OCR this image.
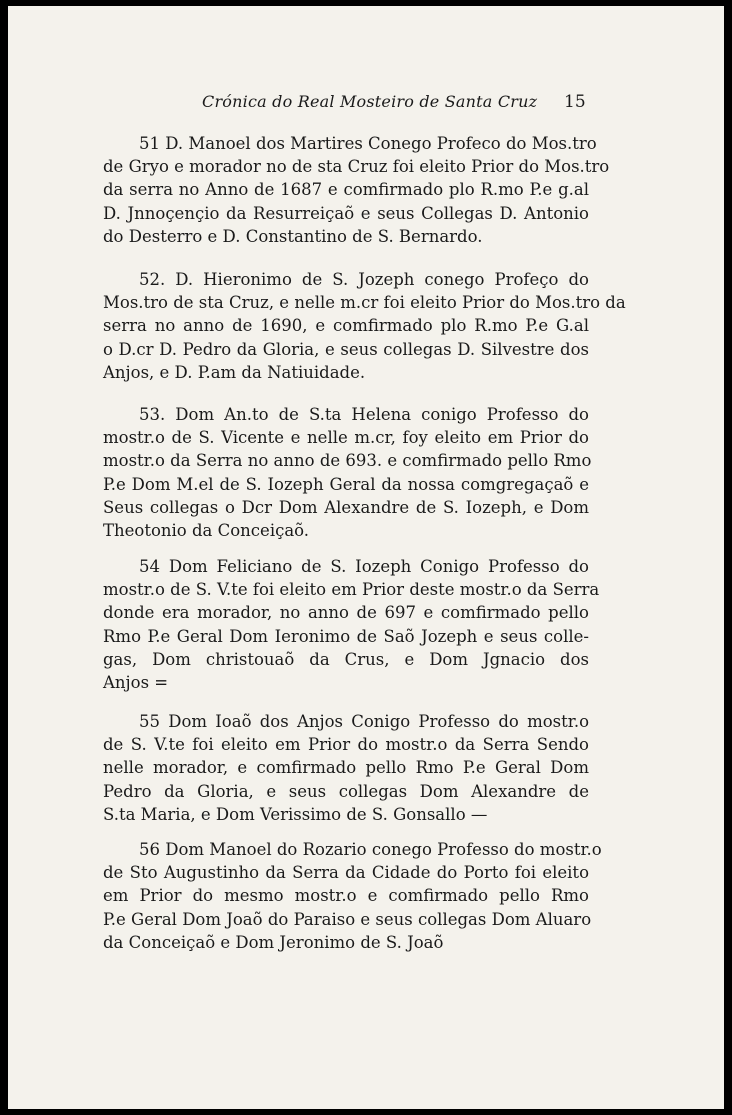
Crónica do Real Mosteiro de Santa Cruz 15

51 D. Manoel dos Martires Conego Profeco do Mos.tro
de Gryo e morador no de sta Cruz foi eleito Prior do Mos.tro
da serra no Anno de 1687 e comfirmado plo R.mo P.e g.al
D. Jnnoçençio da Resurreiçaõ e seus Collegas D. Antonio
do Desterro e D. Constantino de S. Bernardo.

52. D. Hieronimo de S. Jozeph conego Profeço do
Mos.tro de sta Cruz, e nelle m.cr foi eleito Prior do Mos.tro da
serra no anno de 1690, e comfirmado plo R.mo P.e G.al
o D.cr D. Pedro da Gloria, e seus collegas D. Silvestre dos
Anjos, e D. P.am da Natiuidade.

53. Dom An.to de S.ta Helena conigo Professo do
mostr.o de S. Vicente e nelle m.cr, foy eleito em Prior do
mostr.o da Serra no anno de 693. e comfirmado pello Rmo
P.e Dom M.el de S. Iozeph Geral da nossa comgregaçaõ e
Seus collegas o Dcr Dom Alexandre de S. Iozeph, e Dom
Theotonio da Conceiçaõ.

54 Dom Feliciano de S. Iozeph Conigo Professo do
mostr.o de S. V.te foi eleito em Prior deste mostr.o da Serra
donde era morador, no anno de 697 e comfirmado pello
Rmo P.e Geral Dom Ieronimo de Saõ Jozeph e seus colle-
gas, Dom christouaõ da Crus, e Dom Jgnacio dos
Anjos =

55 Dom Ioaõ dos Anjos Conigo Professo do mostr.o
de S. V.te foi eleito em Prior do mostr.o da Serra Sendo
nelle morador, e comfirmado pello Rmo P.e Geral Dom
Pedro da Gloria, e seus collegas Dom Alexandre de
S.ta Maria, e Dom Verissimo de S. Gonsallo —

56 Dom Manoel do Rozario conego Professo do mostr.o
de Sto Augustinho da Serra da Cidade do Porto foi eleito
em Prior do mesmo mostr.o e comfirmado pello Rmo
P.e Geral Dom Joaõ do Paraiso e seus collegas Dom Aluaro
da Conceiçaõ e Dom Jeronimo de S. Joaõ
